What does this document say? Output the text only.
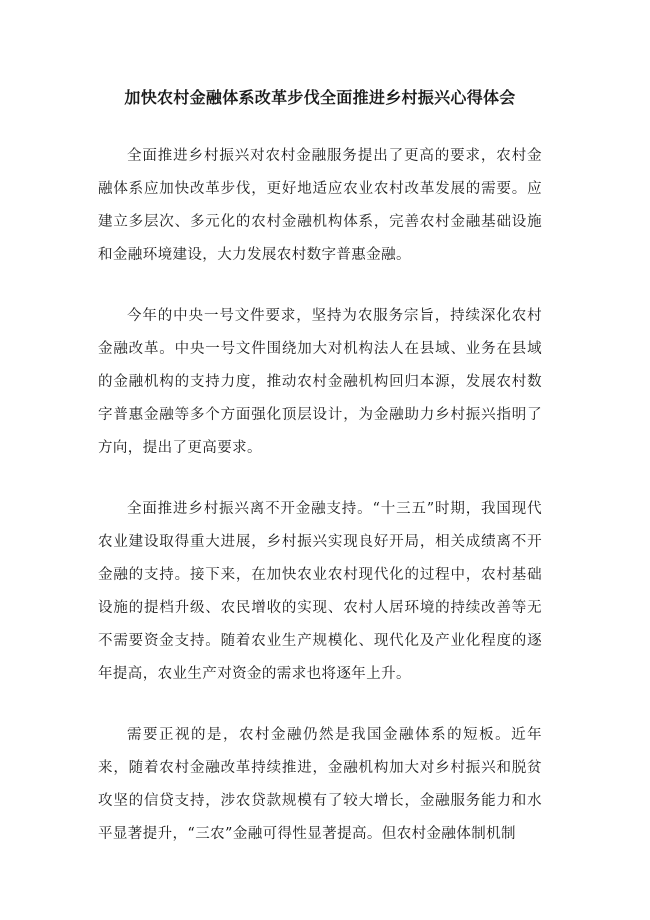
加快农村金融体系改革步伐全面推进乡村振兴心得体会

全面推进乡村振兴对农村金融服务提出了更高的要求，农村金融体系应加快改革步伐，更好地适应农业农村改革发展的需要。应建立多层次、多元化的农村金融机构体系，完善农村金融基础设施和金融环境建设，大力发展农村数字普惠金融。

今年的中央一号文件要求，坚持为农服务宗旨，持续深化农村金融改革。中央一号文件围绕加大对机构法人在县域、业务在县域的金融机构的支持力度，推动农村金融机构回归本源，发展农村数字普惠金融等多个方面强化顶层设计，为金融助力乡村振兴指明了方向，提出了更高要求。

全面推进乡村振兴离不开金融支持。“十三五”时期，我国现代农业建设取得重大进展，乡村振兴实现良好开局，相关成绩离不开金融的支持。接下来，在加快农业农村现代化的过程中，农村基础设施的提档升级、农民增收的实现、农村人居环境的持续改善等无不需要资金支持。随着农业生产规模化、现代化及产业化程度的逐年提高，农业生产对资金的需求也将逐年上升。

需要正视的是，农村金融仍然是我国金融体系的短板。近年来，随着农村金融改革持续推进，金融机构加大对乡村振兴和脱贫攻坚的信贷支持，涉农贷款规模有了较大增长，金融服务能力和水平显著提升，“三农”金融可得性显著提高。但农村金融体制机制
